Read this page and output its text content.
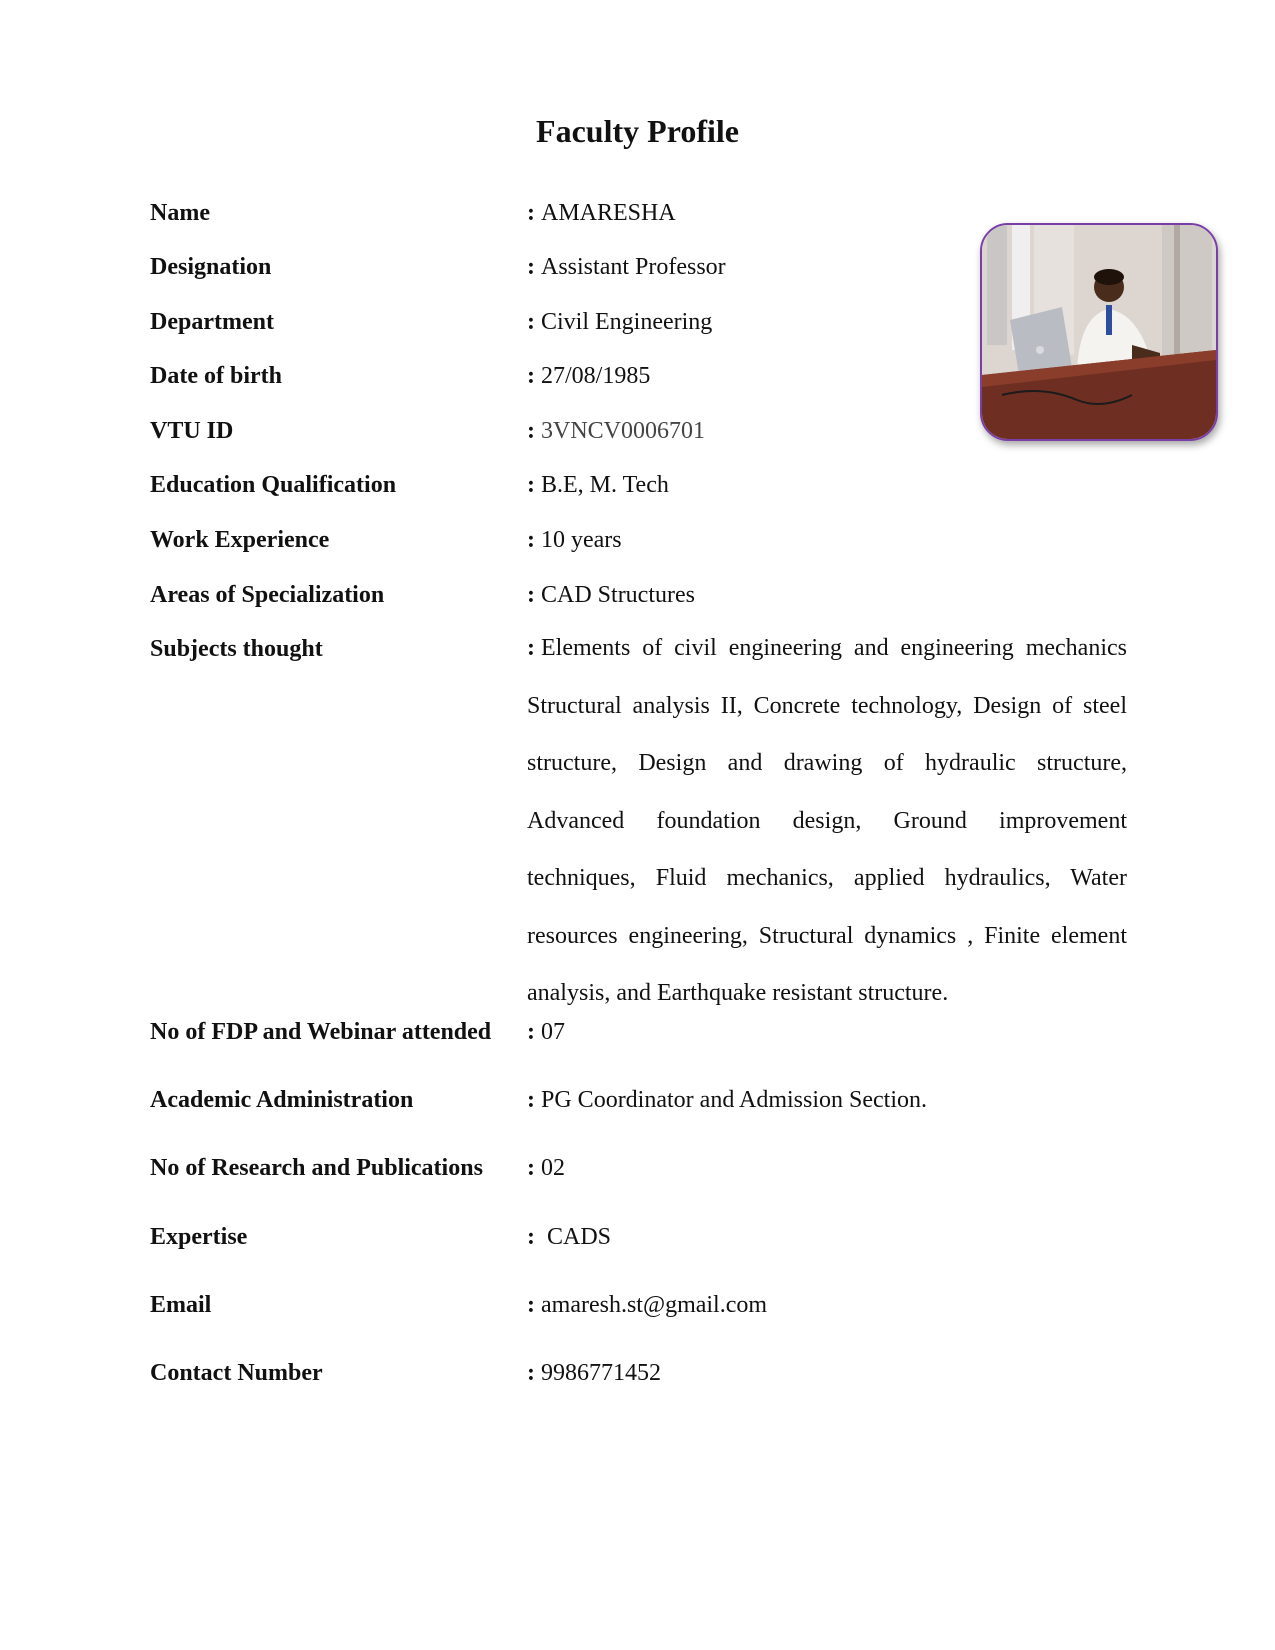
Faculty Profile
Name	: AMARESHA
Designation	: Assistant Professor
Department	: Civil Engineering
Date of birth	: 27/08/1985
VTU ID	: 3VNCV0006701
Education Qualification	: B.E, M. Tech
Work Experience	: 10 years
Areas of Specialization	: CAD Structures
Subjects thought	: Elements of civil engineering and engineering mechanics Structural analysis II, Concrete technology, Design of steel structure, Design and drawing of hydraulic structure, Advanced foundation design, Ground improvement techniques, Fluid mechanics, applied hydraulics, Water resources engineering, Structural dynamics , Finite element analysis, and Earthquake resistant structure.
No of FDP and Webinar attended	: 07
Academic Administration	: PG Coordinator and Admission Section.
No of Research and Publications	: 02
Expertise	: CADS
Email	: amaresh.st@gmail.com
Contact Number	: 9986771452
